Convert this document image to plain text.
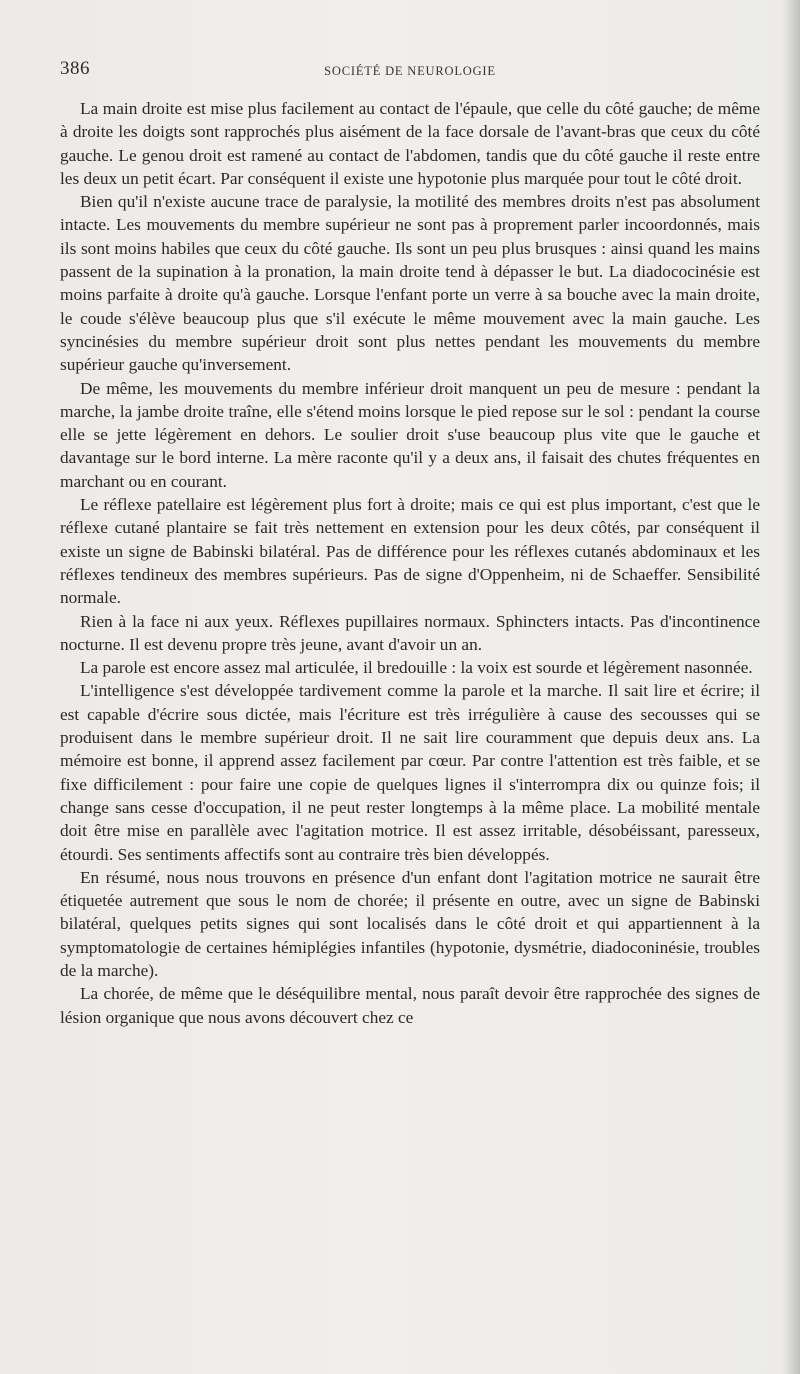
386	SOCIÉTÉ DE NEUROLOGIE

La main droite est mise plus facilement au contact de l'épaule, que celle du côté gauche; de même à droite les doigts sont rapprochés plus aisément de la face dorsale de l'avant-bras que ceux du côté gauche. Le genou droit est ramené au contact de l'abdomen, tandis que du côté gauche il reste entre les deux un petit écart. Par conséquent il existe une hypotonie plus marquée pour tout le côté droit.

Bien qu'il n'existe aucune trace de paralysie, la motilité des membres droits n'est pas absolument intacte. Les mouvements du membre supérieur ne sont pas à proprement parler incoordonnés, mais ils sont moins habiles que ceux du côté gauche. Ils sont un peu plus brusques : ainsi quand les mains passent de la supination à la pronation, la main droite tend à dépasser le but. La diadococinésie est moins parfaite à droite qu'à gauche. Lorsque l'enfant porte un verre à sa bouche avec la main droite, le coude s'élève beaucoup plus que s'il exécute le même mouvement avec la main gauche. Les syncinésies du membre supérieur droit sont plus nettes pendant les mouvements du membre supérieur gauche qu'inversement.

De même, les mouvements du membre inférieur droit manquent un peu de mesure : pendant la marche, la jambe droite traîne, elle s'étend moins lorsque le pied repose sur le sol : pendant la course elle se jette légèrement en dehors. Le soulier droit s'use beaucoup plus vite que le gauche et davantage sur le bord interne. La mère raconte qu'il y a deux ans, il faisait des chutes fréquentes en marchant ou en courant.

Le réflexe patellaire est légèrement plus fort à droite; mais ce qui est plus important, c'est que le réflexe cutané plantaire se fait très nettement en extension pour les deux côtés, par conséquent il existe un signe de Babinski bilatéral. Pas de différence pour les réflexes cutanés abdominaux et les réflexes tendineux des membres supérieurs. Pas de signe d'Oppenheim, ni de Schaeffer. Sensibilité normale.

Rien à la face ni aux yeux. Réflexes pupillaires normaux. Sphincters intacts. Pas d'incontinence nocturne. Il est devenu propre très jeune, avant d'avoir un an.

La parole est encore assez mal articulée, il bredouille : la voix est sourde et légèrement nasonnée.

L'intelligence s'est développée tardivement comme la parole et la marche. Il sait lire et écrire; il est capable d'écrire sous dictée, mais l'écriture est très irrégulière à cause des secousses qui se produisent dans le membre supérieur droit. Il ne sait lire couramment que depuis deux ans. La mémoire est bonne, il apprend assez facilement par cœur. Par contre l'attention est très faible, et se fixe difficilement : pour faire une copie de quelques lignes il s'interrompra dix ou quinze fois; il change sans cesse d'occupation, il ne peut rester longtemps à la même place. La mobilité mentale doit être mise en parallèle avec l'agitation motrice. Il est assez irritable, désobéissant, paresseux, étourdi. Ses sentiments affectifs sont au contraire très bien développés.

En résumé, nous nous trouvons en présence d'un enfant dont l'agitation motrice ne saurait être étiquetée autrement que sous le nom de chorée; il présente en outre, avec un signe de Babinski bilatéral, quelques petits signes qui sont localisés dans le côté droit et qui appartiennent à la symptomatologie de certaines hémiplégies infantiles (hypotonie, dysmétrie, diadoconinésie, troubles de la marche).

La chorée, de même que le déséquilibre mental, nous paraît devoir être rapprochée des signes de lésion organique que nous avons découvert chez ce
